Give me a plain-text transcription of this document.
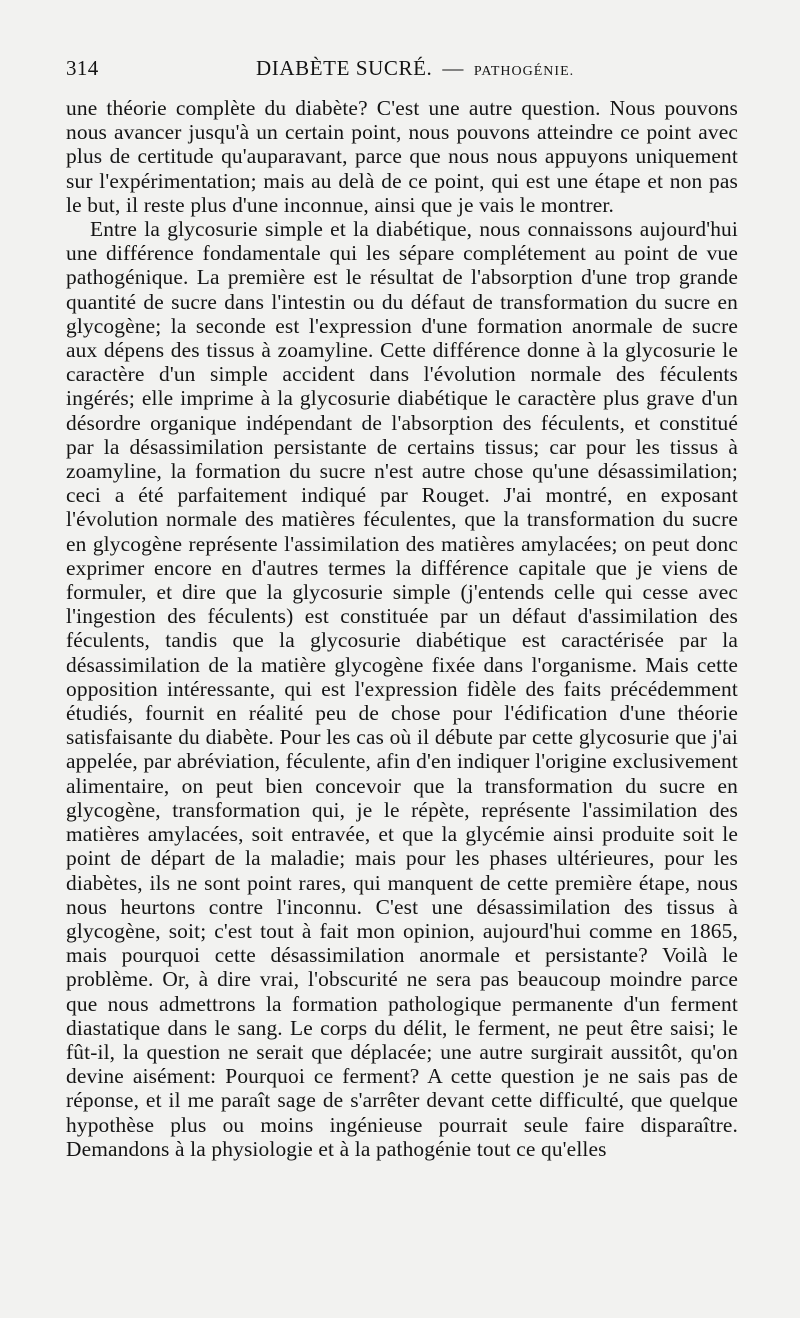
314	DIABÈTE SUCRÉ. — PATHOGÉNIE.

une théorie complète du diabète? C'est une autre question. Nous pouvons nous avancer jusqu'à un certain point, nous pouvons atteindre ce point avec plus de certitude qu'auparavant, parce que nous nous appuyons uniquement sur l'expérimentation; mais au delà de ce point, qui est une étape et non pas le but, il reste plus d'une inconnue, ainsi que je vais le montrer.

Entre la glycosurie simple et la diabétique, nous connaissons aujourd'hui une différence fondamentale qui les sépare complétement au point de vue pathogénique. La première est le résultat de l'absorption d'une trop grande quantité de sucre dans l'intestin ou du défaut de transformation du sucre en glycogène; la seconde est l'expression d'une formation anormale de sucre aux dépens des tissus à zoamyline. Cette différence donne à la glycosurie le caractère d'un simple accident dans l'évolution normale des féculents ingérés; elle imprime à la glycosurie diabétique le caractère plus grave d'un désordre organique indépendant de l'absorption des féculents, et constitué par la désassimilation persistante de certains tissus; car pour les tissus à zoamyline, la formation du sucre n'est autre chose qu'une désassimilation; ceci a été parfaitement indiqué par Rouget. J'ai montré, en exposant l'évolution normale des matières féculentes, que la transformation du sucre en glycogène représente l'assimilation des matières amylacées; on peut donc exprimer encore en d'autres termes la différence capitale que je viens de formuler, et dire que la glycosurie simple (j'entends celle qui cesse avec l'ingestion des féculents) est constituée par un défaut d'assimilation des féculents, tandis que la glycosurie diabétique est caractérisée par la désassimilation de la matière glycogène fixée dans l'organisme. Mais cette opposition intéressante, qui est l'expression fidèle des faits précédemment étudiés, fournit en réalité peu de chose pour l'édification d'une théorie satisfaisante du diabète. Pour les cas où il débute par cette glycosurie que j'ai appelée, par abréviation, féculente, afin d'en indiquer l'origine exclusivement alimentaire, on peut bien concevoir que la transformation du sucre en glycogène, transformation qui, je le répète, représente l'assimilation des matières amylacées, soit entravée, et que la glycémie ainsi produite soit le point de départ de la maladie; mais pour les phases ultérieures, pour les diabètes, ils ne sont point rares, qui manquent de cette première étape, nous nous heurtons contre l'inconnu. C'est une désassimilation des tissus à glycogène, soit; c'est tout à fait mon opinion, aujourd'hui comme en 1865, mais pourquoi cette désassimilation anormale et persistante? Voilà le problème. Or, à dire vrai, l'obscurité ne sera pas beaucoup moindre parce que nous admettrons la formation pathologique permanente d'un ferment diastatique dans le sang. Le corps du délit, le ferment, ne peut être saisi; le fût-il, la question ne serait que déplacée; une autre surgirait aussitôt, qu'on devine aisément: Pourquoi ce ferment? A cette question je ne sais pas de réponse, et il me paraît sage de s'arrêter devant cette difficulté, que quelque hypothèse plus ou moins ingénieuse pourrait seule faire disparaître. Demandons à la physiologie et à la pathogénie tout ce qu'elles
